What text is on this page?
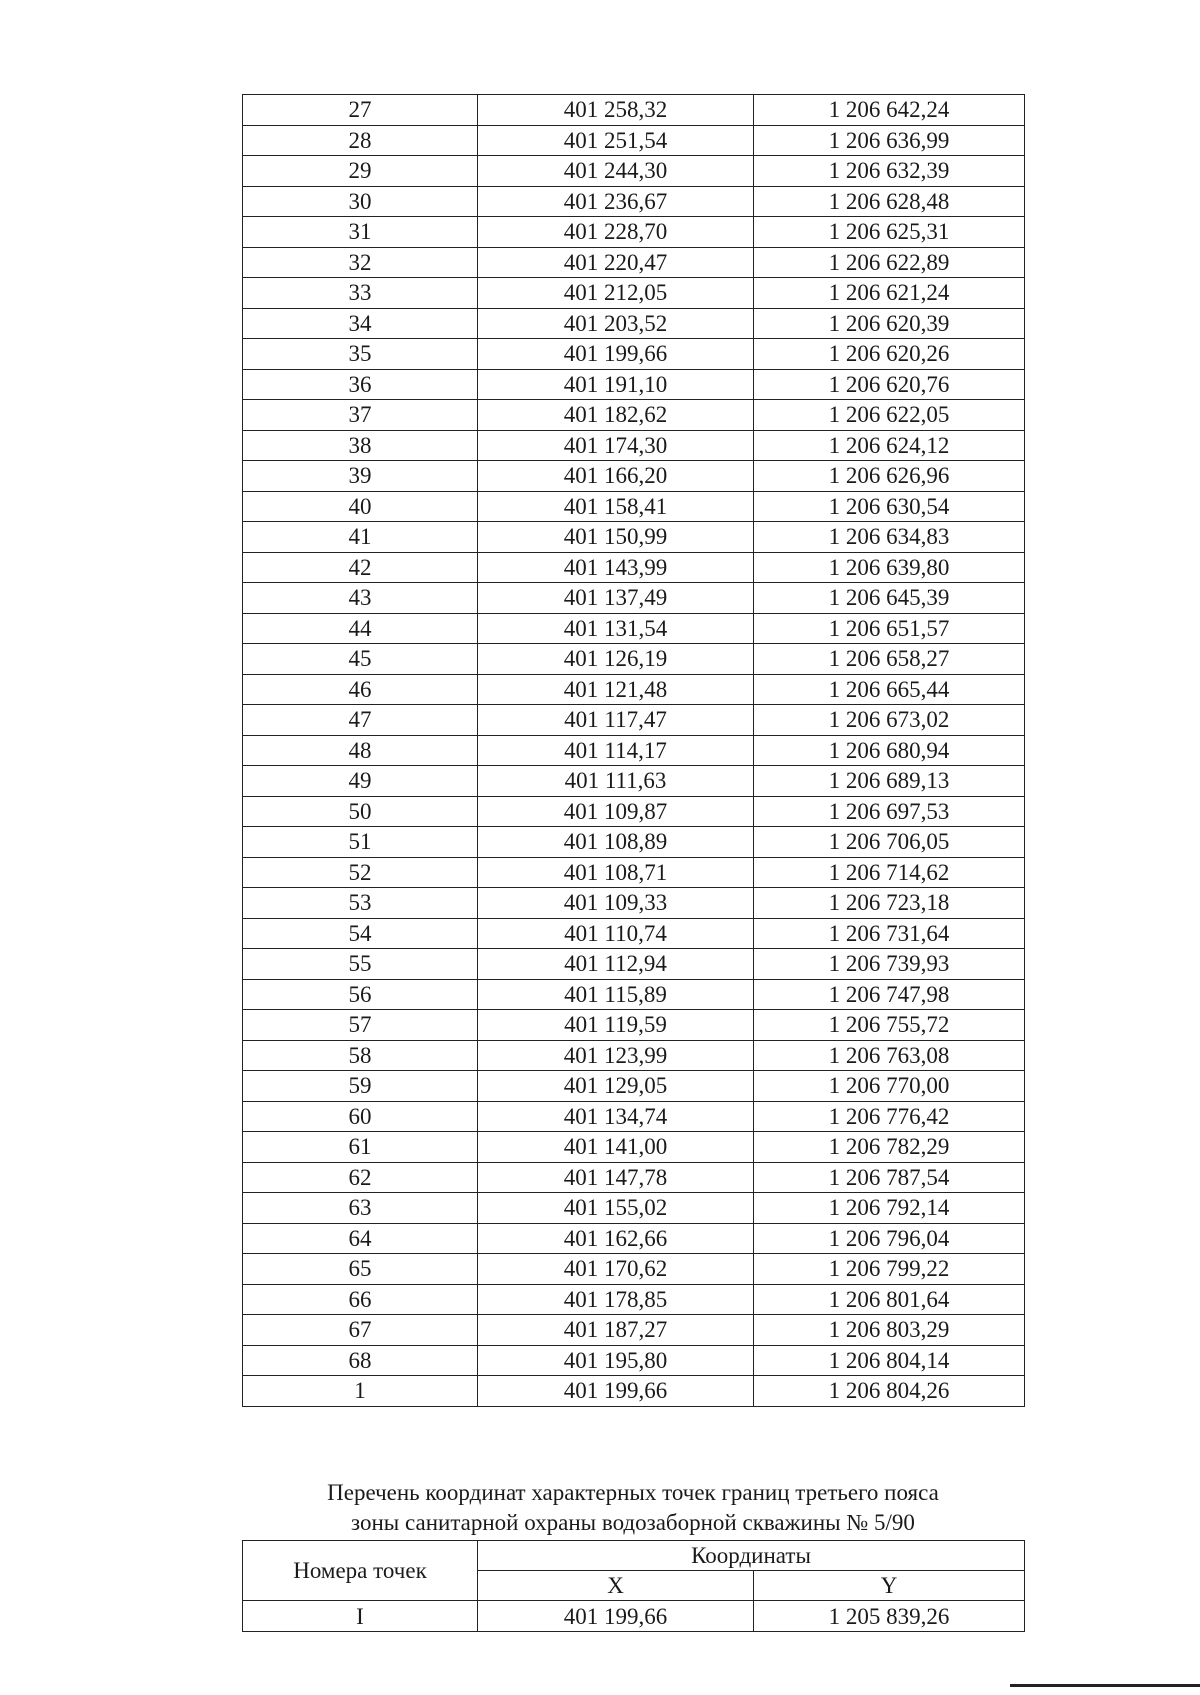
27	401 258,32	1 206 642,24
28	401 251,54	1 206 636,99
29	401 244,30	1 206 632,39
30	401 236,67	1 206 628,48
31	401 228,70	1 206 625,31
32	401 220,47	1 206 622,89
33	401 212,05	1 206 621,24
34	401 203,52	1 206 620,39
35	401 199,66	1 206 620,26
36	401 191,10	1 206 620,76
37	401 182,62	1 206 622,05
38	401 174,30	1 206 624,12
39	401 166,20	1 206 626,96
40	401 158,41	1 206 630,54
41	401 150,99	1 206 634,83
42	401 143,99	1 206 639,80
43	401 137,49	1 206 645,39
44	401 131,54	1 206 651,57
45	401 126,19	1 206 658,27
46	401 121,48	1 206 665,44
47	401 117,47	1 206 673,02
48	401 114,17	1 206 680,94
49	401 111,63	1 206 689,13
50	401 109,87	1 206 697,53
51	401 108,89	1 206 706,05
52	401 108,71	1 206 714,62
53	401 109,33	1 206 723,18
54	401 110,74	1 206 731,64
55	401 112,94	1 206 739,93
56	401 115,89	1 206 747,98
57	401 119,59	1 206 755,72
58	401 123,99	1 206 763,08
59	401 129,05	1 206 770,00
60	401 134,74	1 206 776,42
61	401 141,00	1 206 782,29
62	401 147,78	1 206 787,54
63	401 155,02	1 206 792,14
64	401 162,66	1 206 796,04
65	401 170,62	1 206 799,22
66	401 178,85	1 206 801,64
67	401 187,27	1 206 803,29
68	401 195,80	1 206 804,14
1	401 199,66	1 206 804,26
Перечень координат характерных точек границ третьего пояса
зоны санитарной охраны водозаборной скважины № 5/90
Номера точек	Координаты	
	X	Y
I	401 199,66	1 205 839,26
